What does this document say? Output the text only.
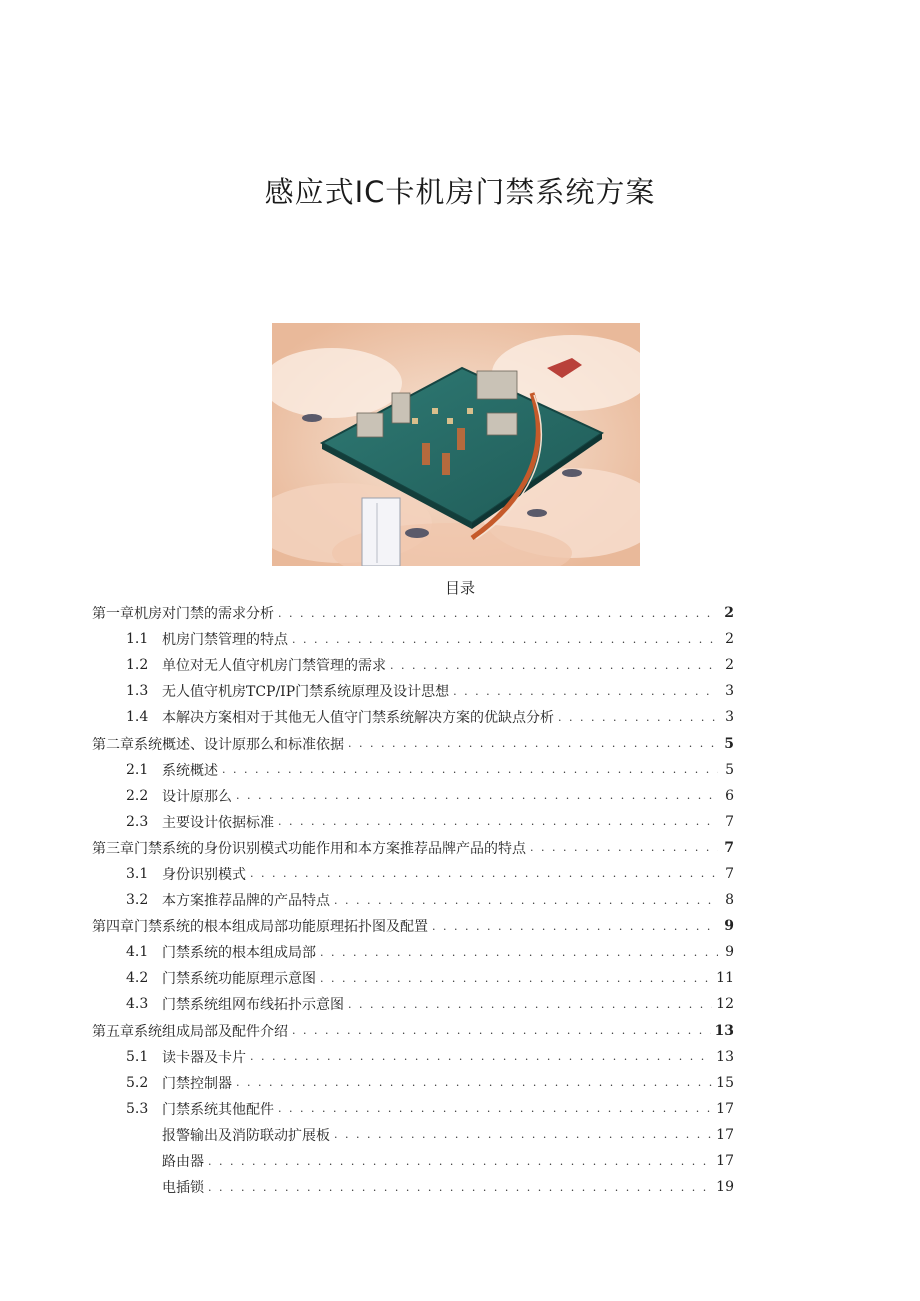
感应式IC卡机房门禁系统方案
目录
第一章机房对门禁的需求分析 . . .	2
1.1 机房门禁管理的特点 . . .	2
1.2 单位对无人值守机房门禁管理的需求 . . .	2
1.3 无人值守机房TCP/IP门禁系统原理及设计思想 . . .	3
1.4 本解决方案相对于其他无人值守门禁系统解决方案的优缺点分析 . . .	3
第二章系统概述、设计原那么和标准依据 . . .	5
2.1 系统概述 . . .	5
2.2 设计原那么 . . .	6
2.3 主要设计依据标准 . . .	7
第三章门禁系统的身份识别模式功能作用和本方案推荐品牌产品的特点 . . .	7
3.1 身份识别模式 . . .	7
3.2 本方案推荐品牌的产品特点 . . .	8
第四章门禁系统的根本组成局部功能原理拓扑图及配置 . . .	9
4.1 门禁系统的根本组成局部 . . .	9
4.2 门禁系统功能原理示意图 . . .	11
4.3 门禁系统组网布线拓扑示意图 . . .	12
第五章系统组成局部及配件介绍 . . .	13
5.1 读卡器及卡片 . . .	13
5.2 门禁控制器 . . .	15
5.3 门禁系统其他配件 . . .	17
报警输出及消防联动扩展板 . . .	17
路由器 . . .	17
电插锁 . . .	19
